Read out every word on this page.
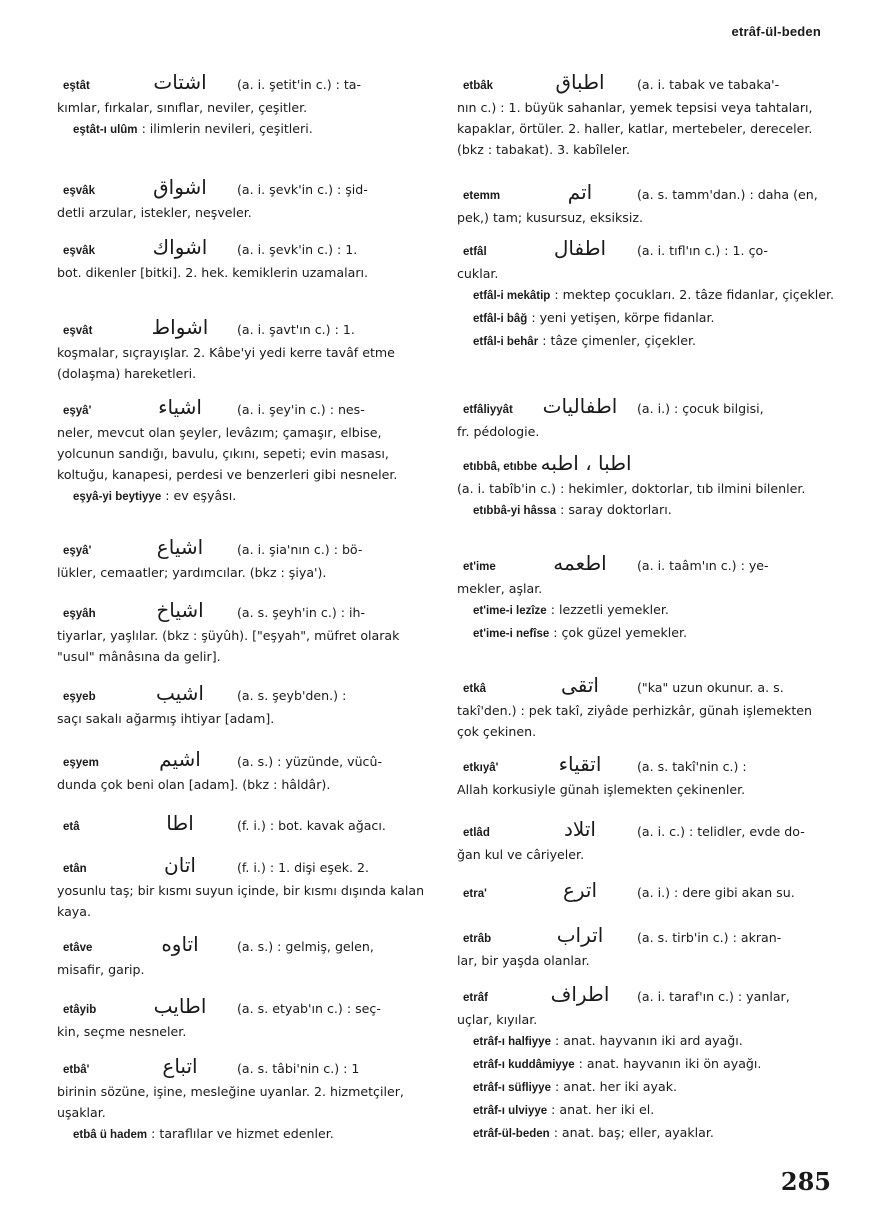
etrâf-ül-beden
eştât	اشتات	(a. i. şetit'in c.) : ta-

kımlar, fırkalar, sınıflar, neviler, çeşitler.

eştât-ı ulûm : ilimlerin nevileri, çeşitleri.

eşvâk	اشواق	(a. i. şevk'in c.) : şid-

detli arzular, istekler, neşveler.

eşvâk	اشواك	(a. i. şevk'in c.) : 1.

bot. dikenler [bitki]. 2. hek. kemiklerin uzamaları.

eşvât	اشواط	(a. i. şavt'ın c.) : 1.

koşmalar, sıçrayışlar. 2. Kâbe'yi yedi kerre tavâf etme (dolaşma) hareketleri.

eşyâ'	اشياء	(a. i. şey'in c.) : nes-

neler, mevcut olan şeyler, levâzım; çamaşır, elbise, yolcunun sandığı, bavulu, çıkını, sepeti; evin masası, koltuğu, kanapesi, perdesi ve benzerleri gibi nesneler.

eşyâ-yi beytiyye : ev eşyâsı.

eşyâ'	اشياع	(a. i. şia'nın c.) : bö-

lükler, cemaatler; yardımcılar. (bkz : şiya').

eşyâh	اشياخ	(a. s. şeyh'in c.) : ih-

tiyarlar, yaşlılar. (bkz : şüyûh). ["eşyah", müfret olarak "usul" mânâsına da gelir].

eşyeb	اشيب	(a. s. şeyb'den.) :

saçı sakalı ağarmış ihtiyar [adam].

eşyem	اشيم	(a. s.) : yüzünde, vücû-

dunda çok beni olan [adam]. (bkz : hâldâr).

etâ	اطا	(f. i.) : bot. kavak ağacı.
etân	اتان	(f. i.) : 1. dişi eşek. 2.

yosunlu taş; bir kısmı suyun içinde, bir kısmı dışında kalan kaya.

etâve	اتاوه	(a. s.) : gelmiş, gelen,

misafir, garip.

etâyib	اطايب	(a. s. etyab'ın c.) : seç-

kin, seçme nesneler.

etbâ'	اتباع	(a. s. tâbi'nin c.) : 1

birinin sözüne, işine, mesleğine uyanlar. 2. hizmetçiler, uşaklar.

etbâ ü hadem : taraflılar ve hizmet edenler.

etbâk	اطباق	(a. i. tabak ve tabaka'-

nın c.) : 1. büyük sahanlar, yemek tepsisi veya tahtaları, kapaklar, örtüler. 2. haller, katlar, mertebeler, dereceler. (bkz : tabakat). 3. kabîleler.

etemm	اتم	(a. s. tamm'dan.) : daha (en,

pek,) tam; kusursuz, eksiksiz.

etfâl	اطفال	(a. i. tıfl'ın c.) : 1. ço-

cuklar.

etfâl-i mekâtip : mektep çocukları. 2. tâze fidanlar, çiçekler.

etfâl-i bâğ : yeni yetişen, körpe fidanlar.

etfâl-i behâr : tâze çimenler, çiçekler.

etfâliyyât	اطفاليات	(a. i.) : çocuk bilgisi,

fr. pédologie.

etıbbâ, etıbbe اطبا ، اطبه

(a. i. tabîb'in c.) : hekimler, doktorlar, tıb ilmini bilenler.

etıbbâ-yi hâssa : saray doktorları.

et'ime	اطعمه	(a. i. taâm'ın c.) : ye-

mekler, aşlar.

et'ime-i lezîze : lezzetli yemekler.

et'ime-i nefîse : çok güzel yemekler.

etkâ	اتقى	("ka" uzun okunur. a. s.

takî'den.) : pek takî, ziyâde perhizkâr, günah işlemekten çok çekinen.

etkıyâ'	اتقياء	(a. s. takî'nin c.) :

Allah korkusiyle günah işlemekten çekinenler.

etlâd	اتلاد	(a. i. c.) : telidler, evde do-

ğan kul ve câriyeler.

etra'	اترع	(a. i.) : dere gibi akan su.
etrâb	اتراب	(a. s. tirb'in c.) : akran-

lar, bir yaşda olanlar.

etrâf	اطراف	(a. i. taraf'ın c.) : yanlar,

uçlar, kıyılar.

etrâf-ı halfiyye : anat. hayvanın iki ard ayağı.

etrâf-ı kuddâmiyye : anat. hayvanın iki ön ayağı.

etrâf-ı süfliyye : anat. her iki ayak.

etrâf-ı ulviyye : anat. her iki el.

etrâf-ül-beden : anat. baş; eller, ayaklar.

285
